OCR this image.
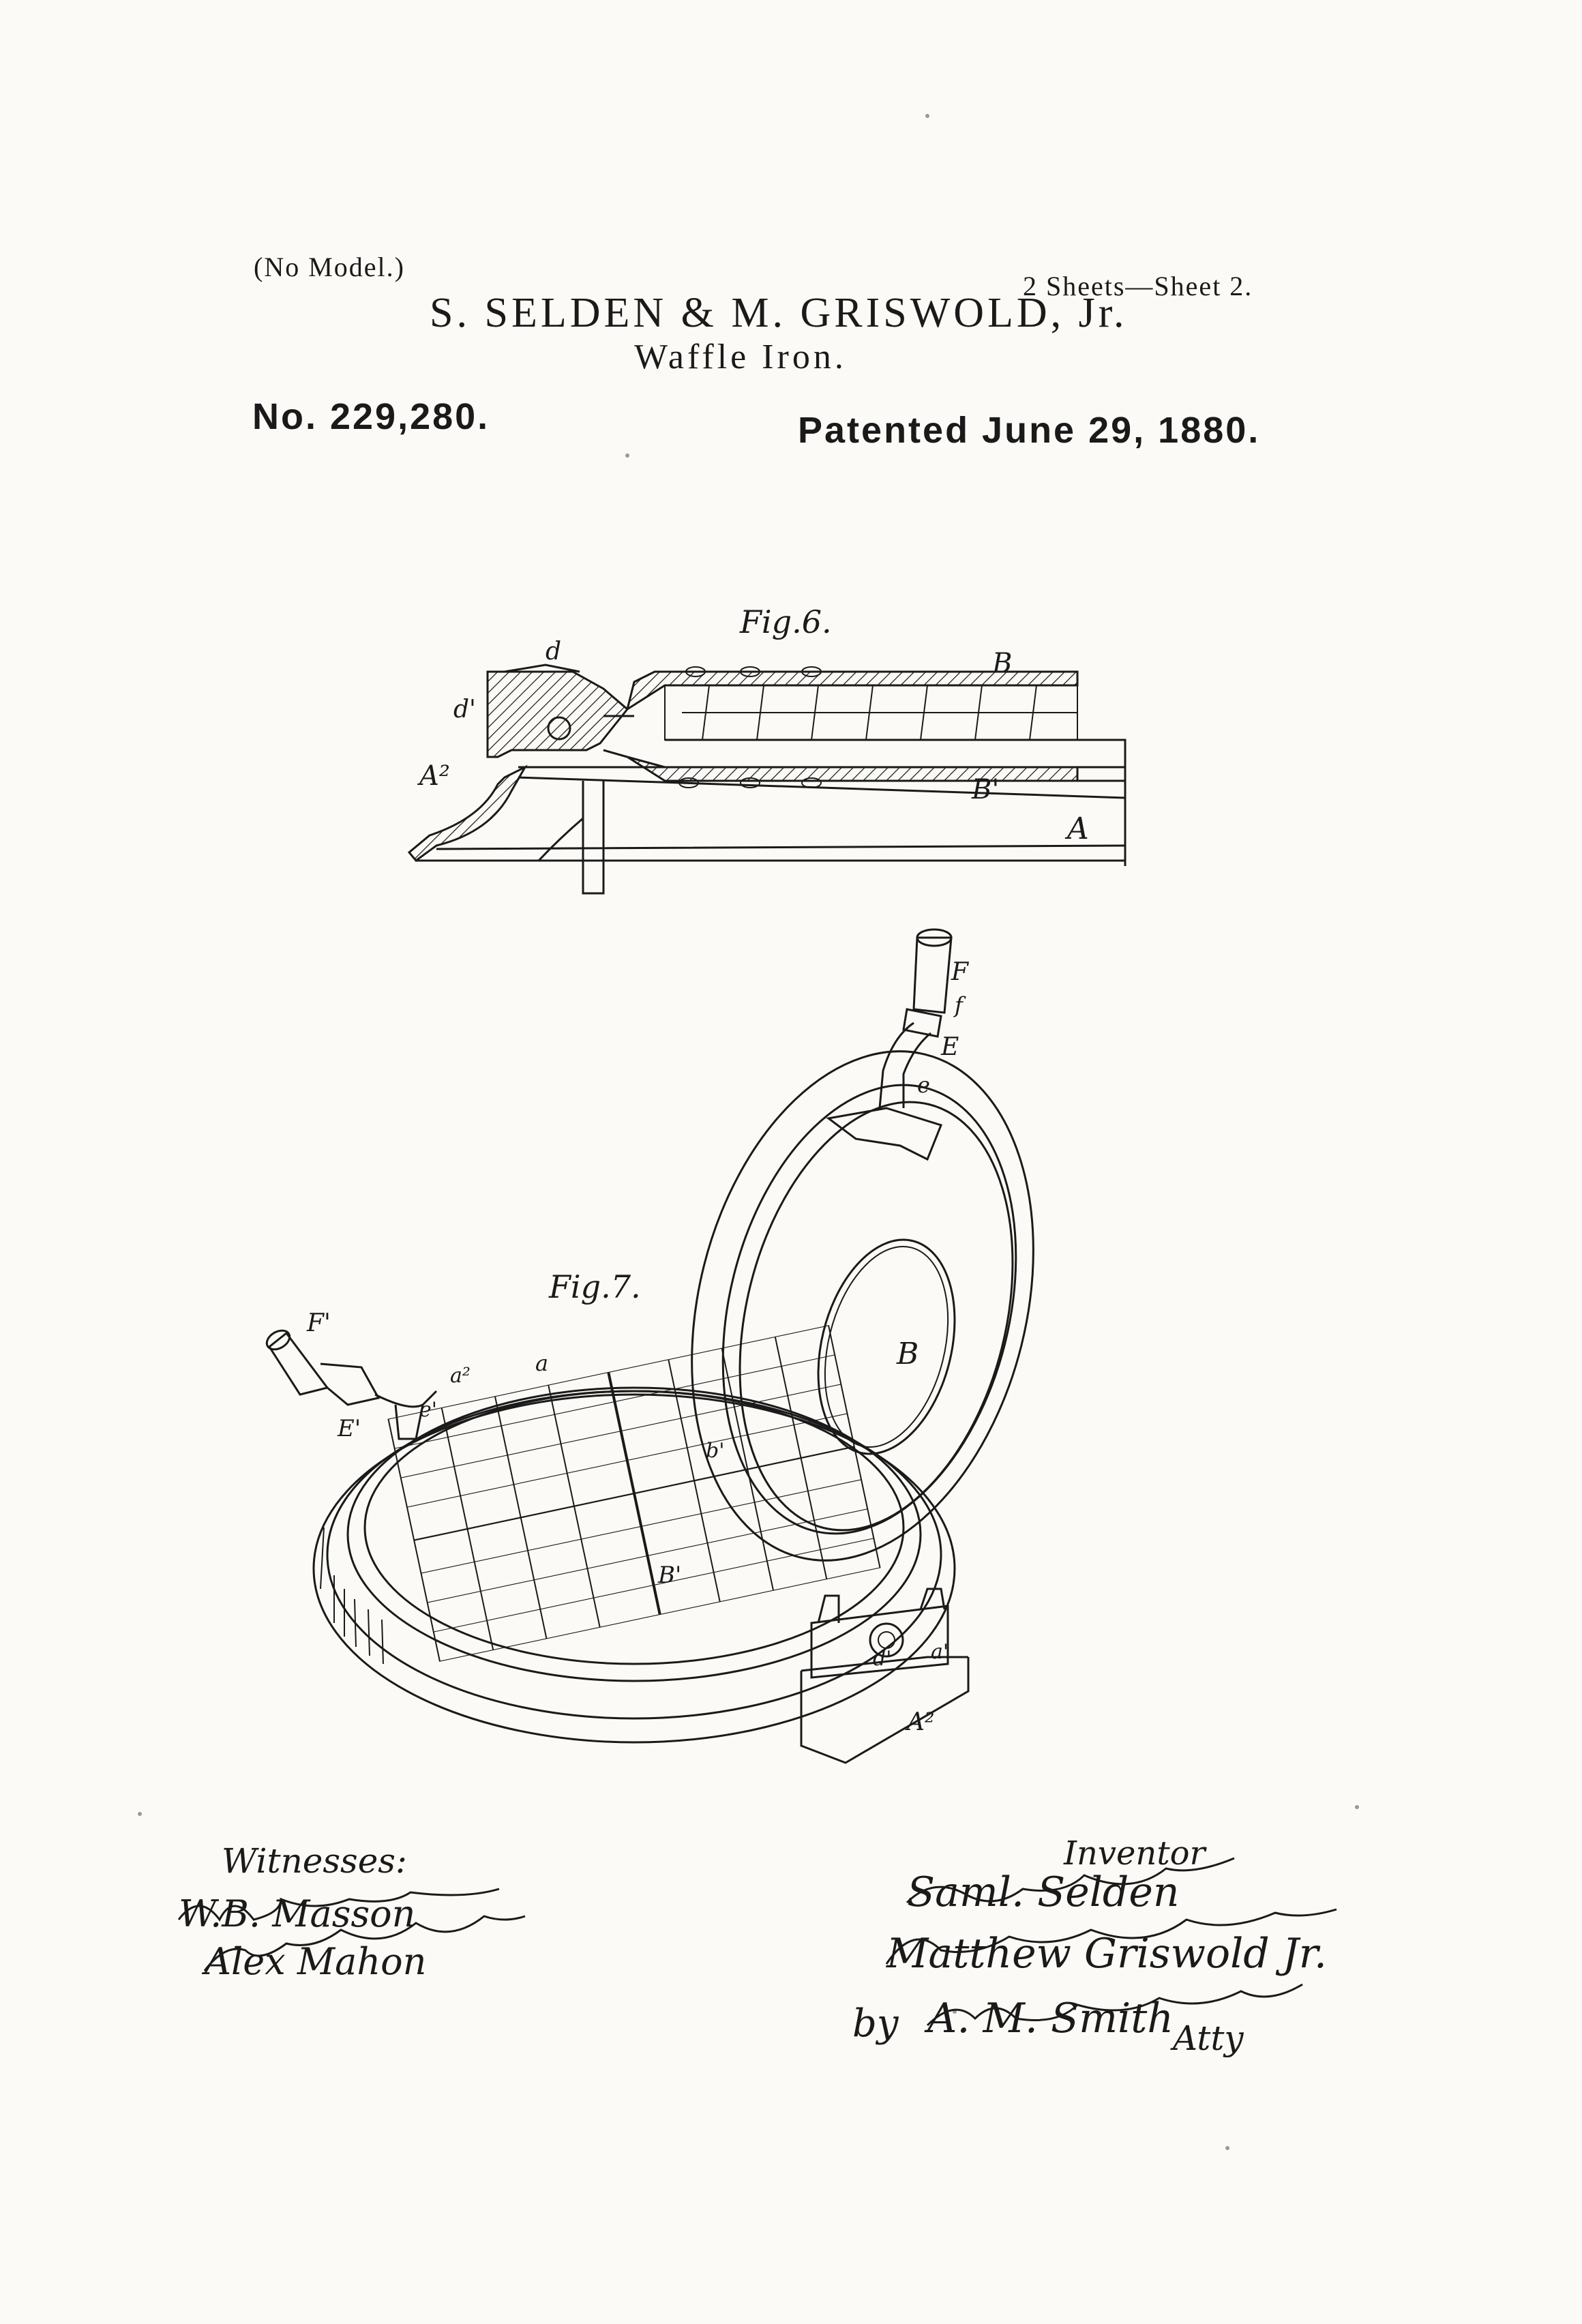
(No Model.)
2 Sheets—Sheet 2.
S. SELDEN & M. GRISWOLD, Jr.
Waffle Iron.
No. 229,280.	Patented June 29, 1880.
Fig.6.
d
d'
A²
B
B'
A
Fig.7.
F
f
E
e
B
F'
E'
e'
a²	a
b'
B'
a'
d'
A²
Witnesses:
W.B. Masson
Alex Mahon
Inventor
Saml. Selden
Matthew Griswold Jr.
by A. M. Smith Atty
